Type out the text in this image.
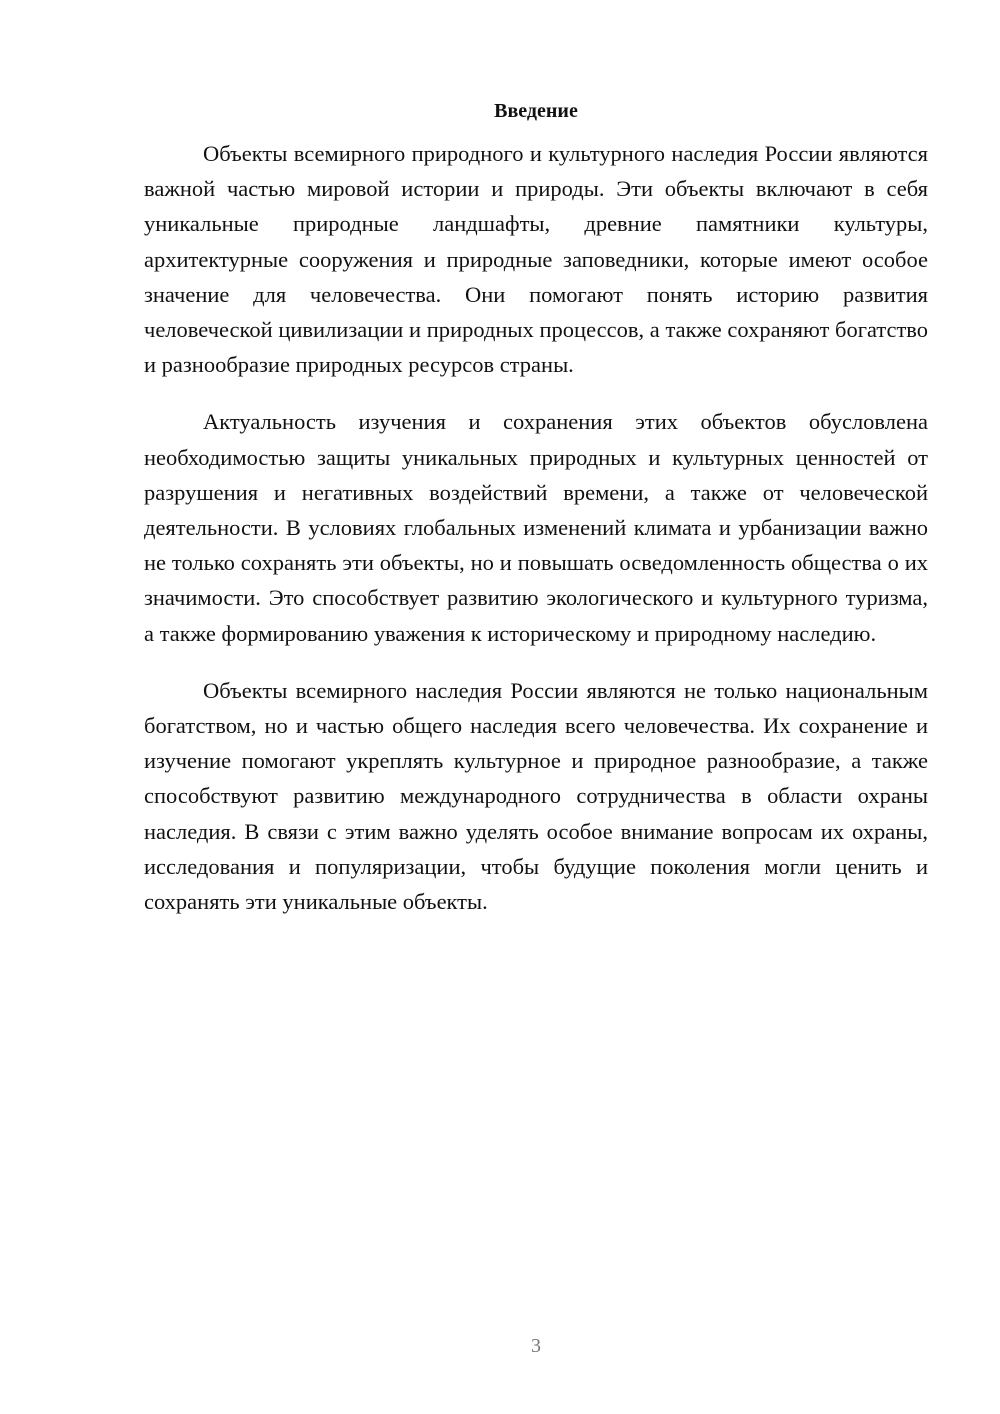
Введение

Объекты всемирного природного и культурного наследия России являются важной частью мировой истории и природы. Эти объекты включают в себя уникальные природные ландшафты, древние памятники культуры, архитектурные сооружения и природные заповедники, которые имеют особое значение для человечества. Они помогают понять историю развития человеческой цивилизации и природных процессов, а также сохраняют богатство и разнообразие природных ресурсов страны.

Актуальность изучения и сохранения этих объектов обусловлена необходимостью защиты уникальных природных и культурных ценностей от разрушения и негативных воздействий времени, а также от человеческой деятельности. В условиях глобальных изменений климата и урбанизации важно не только сохранять эти объекты, но и повышать осведомленность общества о их значимости. Это способствует развитию экологического и культурного туризма, а также формированию уважения к историческому и природному наследию.

Объекты всемирного наследия России являются не только национальным богатством, но и частью общего наследия всего человечества. Их сохранение и изучение помогают укреплять культурное и природное разнообразие, а также способствуют развитию международного сотрудничества в области охраны наследия. В связи с этим важно уделять особое внимание вопросам их охраны, исследования и популяризации, чтобы будущие поколения могли ценить и сохранять эти уникальные объекты.

3
